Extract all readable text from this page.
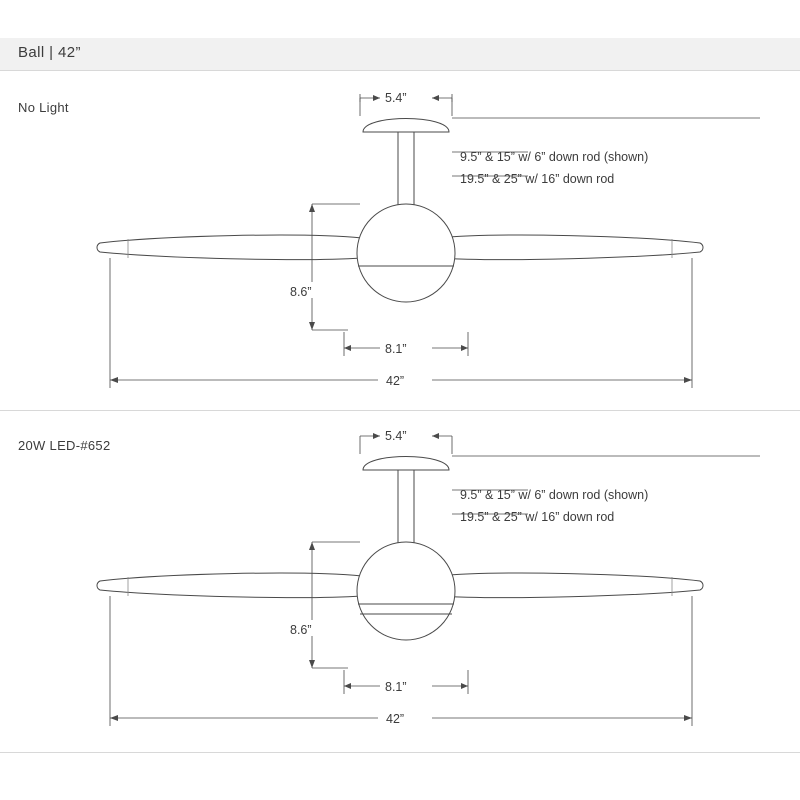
Ball | 42”
No Light
20W LED-#652
9.5” & 15” w/ 6” down rod (shown)
19.5” & 25” w/ 16” down rod
9.5” & 15” w/ 6” down rod (shown)
19.5” & 25” w/ 16” down rod
5.4”
8.6”
8.1”
42”
5.4”
8.6”
8.1”
42”
